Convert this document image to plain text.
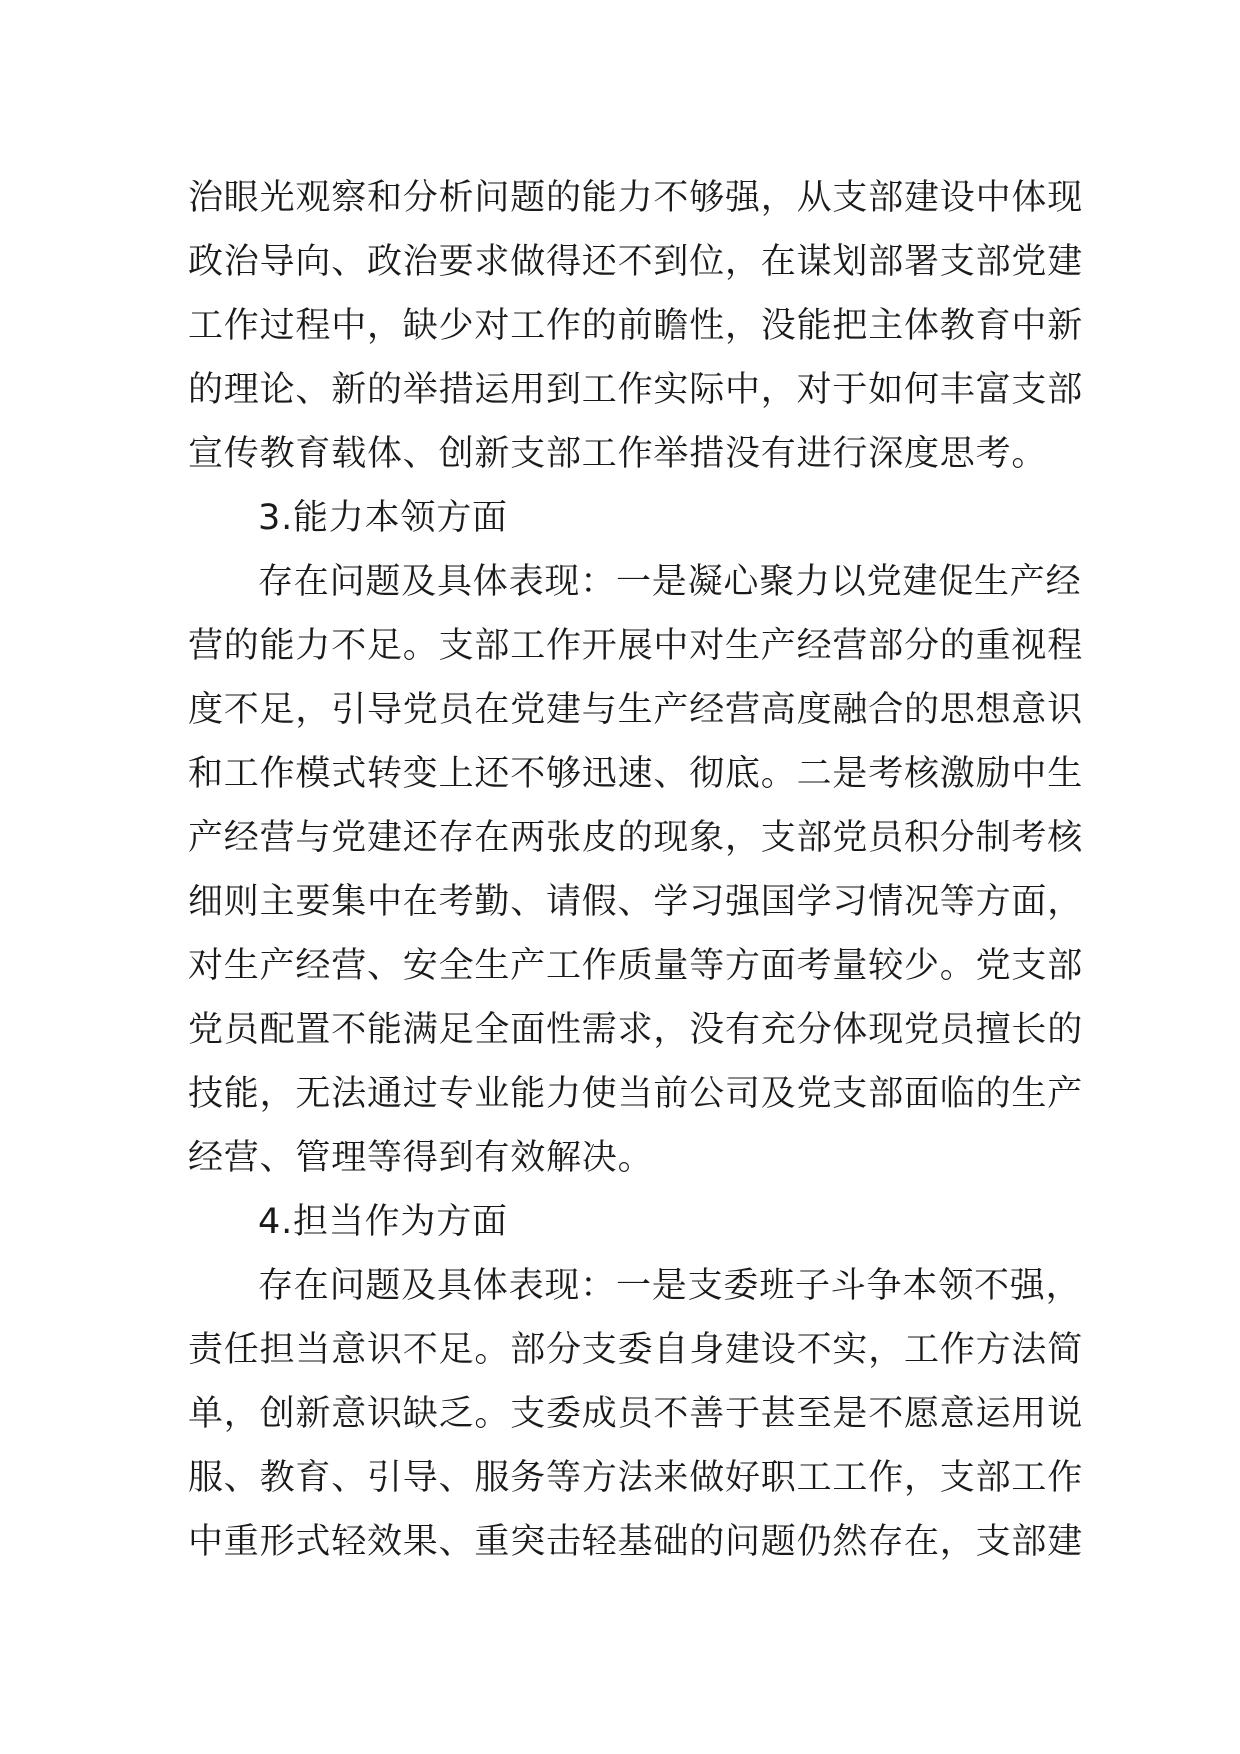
治眼光观察和分析问题的能力不够强，从支部建设中体现
政治导向、政治要求做得还不到位，在谋划部署支部党建
工作过程中，缺少对工作的前瞻性，没能把主体教育中新
的理论、新的举措运用到工作实际中，对于如何丰富支部
宣传教育载体、创新支部工作举措没有进行深度思考。
3.能力本领方面
存在问题及具体表现：一是凝心聚力以党建促生产经
营的能力不足。支部工作开展中对生产经营部分的重视程
度不足，引导党员在党建与生产经营高度融合的思想意识
和工作模式转变上还不够迅速、彻底。二是考核激励中生
产经营与党建还存在两张皮的现象，支部党员积分制考核
细则主要集中在考勤、请假、学习强国学习情况等方面，
对生产经营、安全生产工作质量等方面考量较少。党支部
党员配置不能满足全面性需求，没有充分体现党员擅长的
技能，无法通过专业能力使当前公司及党支部面临的生产
经营、管理等得到有效解决。
4.担当作为方面
存在问题及具体表现：一是支委班子斗争本领不强，
责任担当意识不足。部分支委自身建设不实，工作方法简
单，创新意识缺乏。支委成员不善于甚至是不愿意运用说
服、教育、引导、服务等方法来做好职工工作，支部工作
中重形式轻效果、重突击轻基础的问题仍然存在，支部建
